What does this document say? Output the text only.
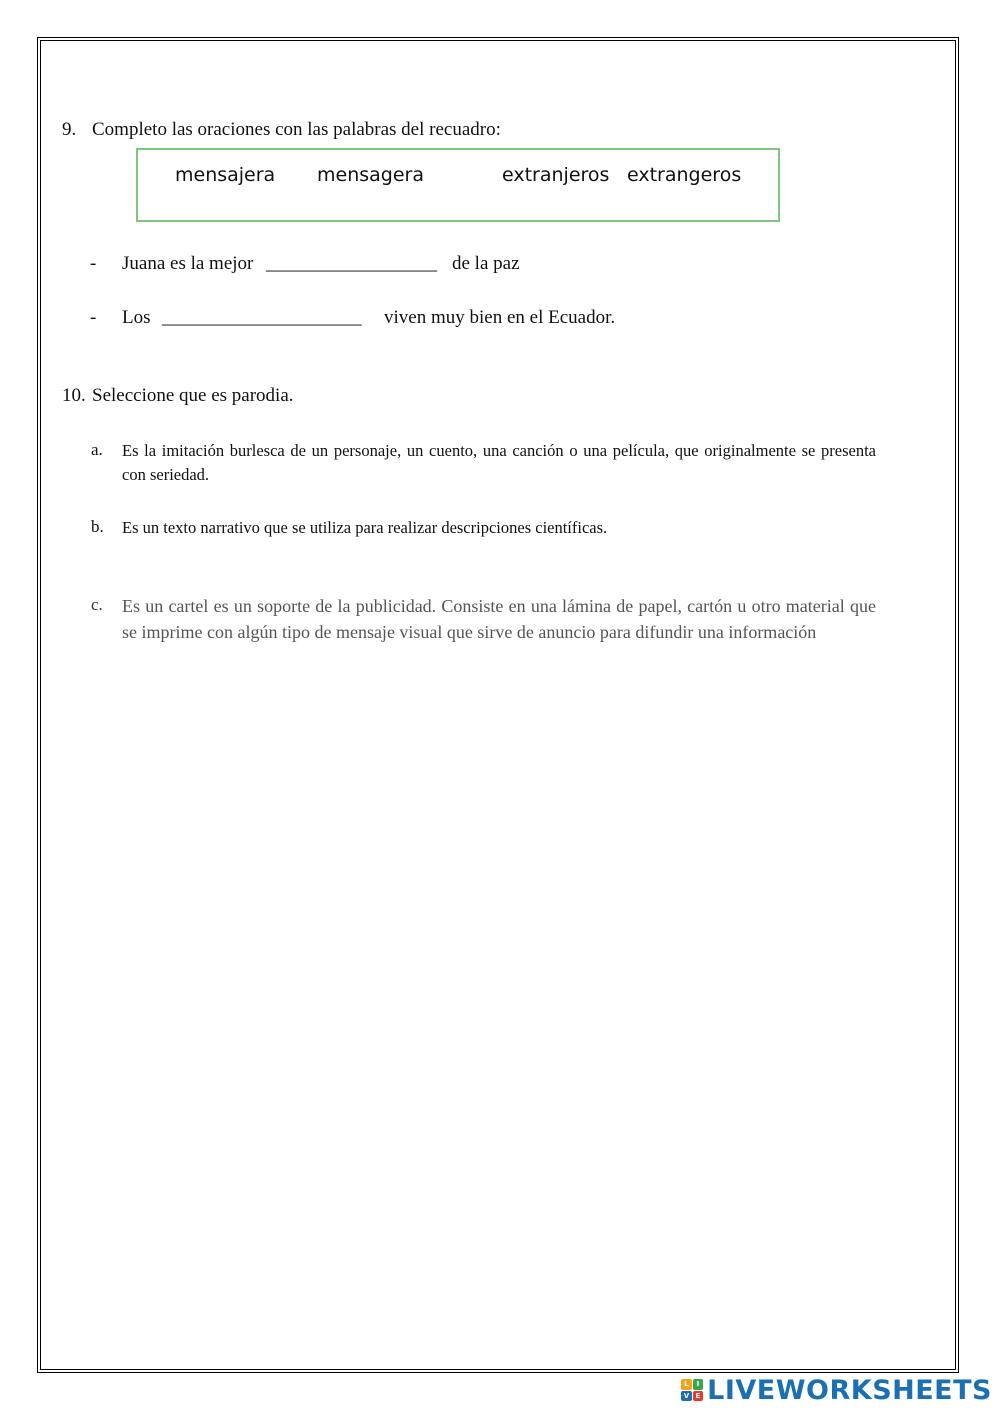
9. Completo las oraciones con las palabras del recuadro:
mensajera mensagera	extranjeros extrangeros
- Juana es la mejor __________________ de la paz
- Los _____________________ viven muy bien en el Ecuador.
10. Seleccione que es parodia.
a. Es la imitación burlesca de un personaje, un cuento, una canción o una película, que originalmente se presenta con seriedad.
b. Es un texto narrativo que se utiliza para realizar descripciones científicas.
c. Es un cartel es un soporte de la publicidad. Consiste en una lámina de papel, cartón u otro material que se imprime con algún tipo de mensaje visual que sirve de anuncio para difundir una información
L	I
V E LIVEWORKSHEETS
